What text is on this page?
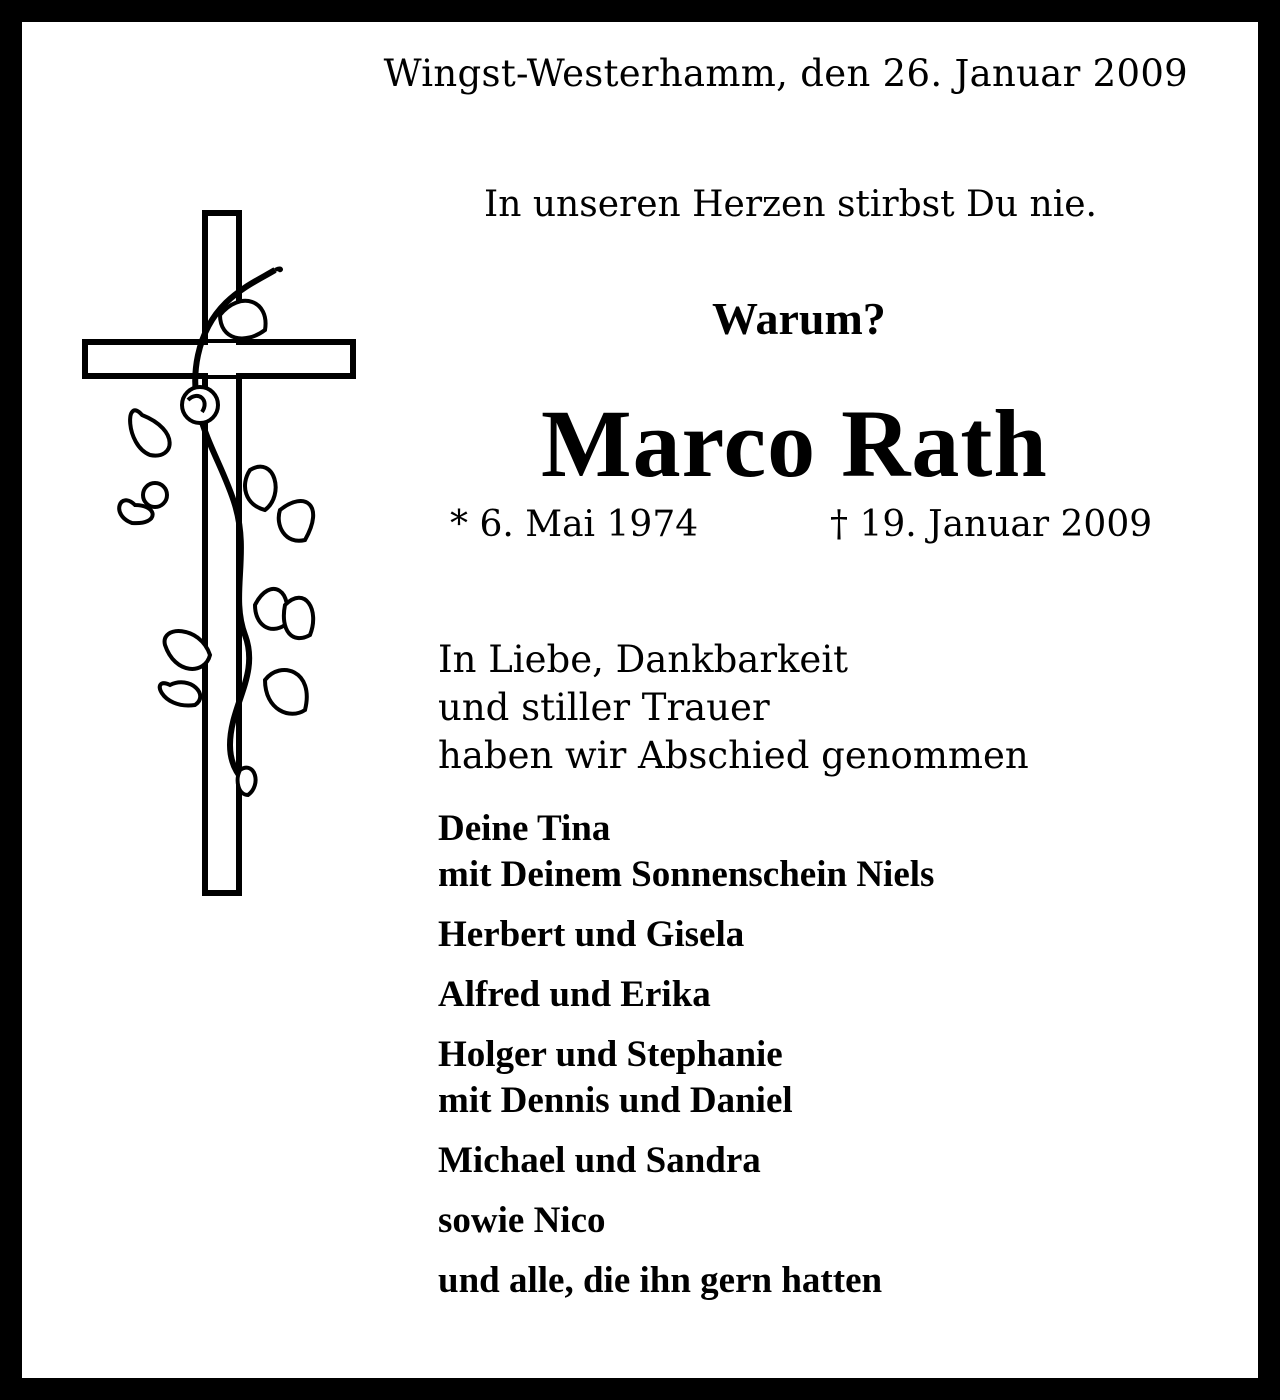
Wingst-Westerhamm, den 26. Januar 2009
In unseren Herzen stirbst Du nie.
Warum?
Marco Rath
* 6. Mai 1974	† 19. Januar 2009
In Liebe, Dankbarkeit
und stiller Trauer
haben wir Abschied genommen
Deine Tina
mit Deinem Sonnenschein Niels
Herbert und Gisela
Alfred und Erika
Holger und Stephanie
mit Dennis und Daniel
Michael und Sandra
sowie Nico
und alle, die ihn gern hatten
